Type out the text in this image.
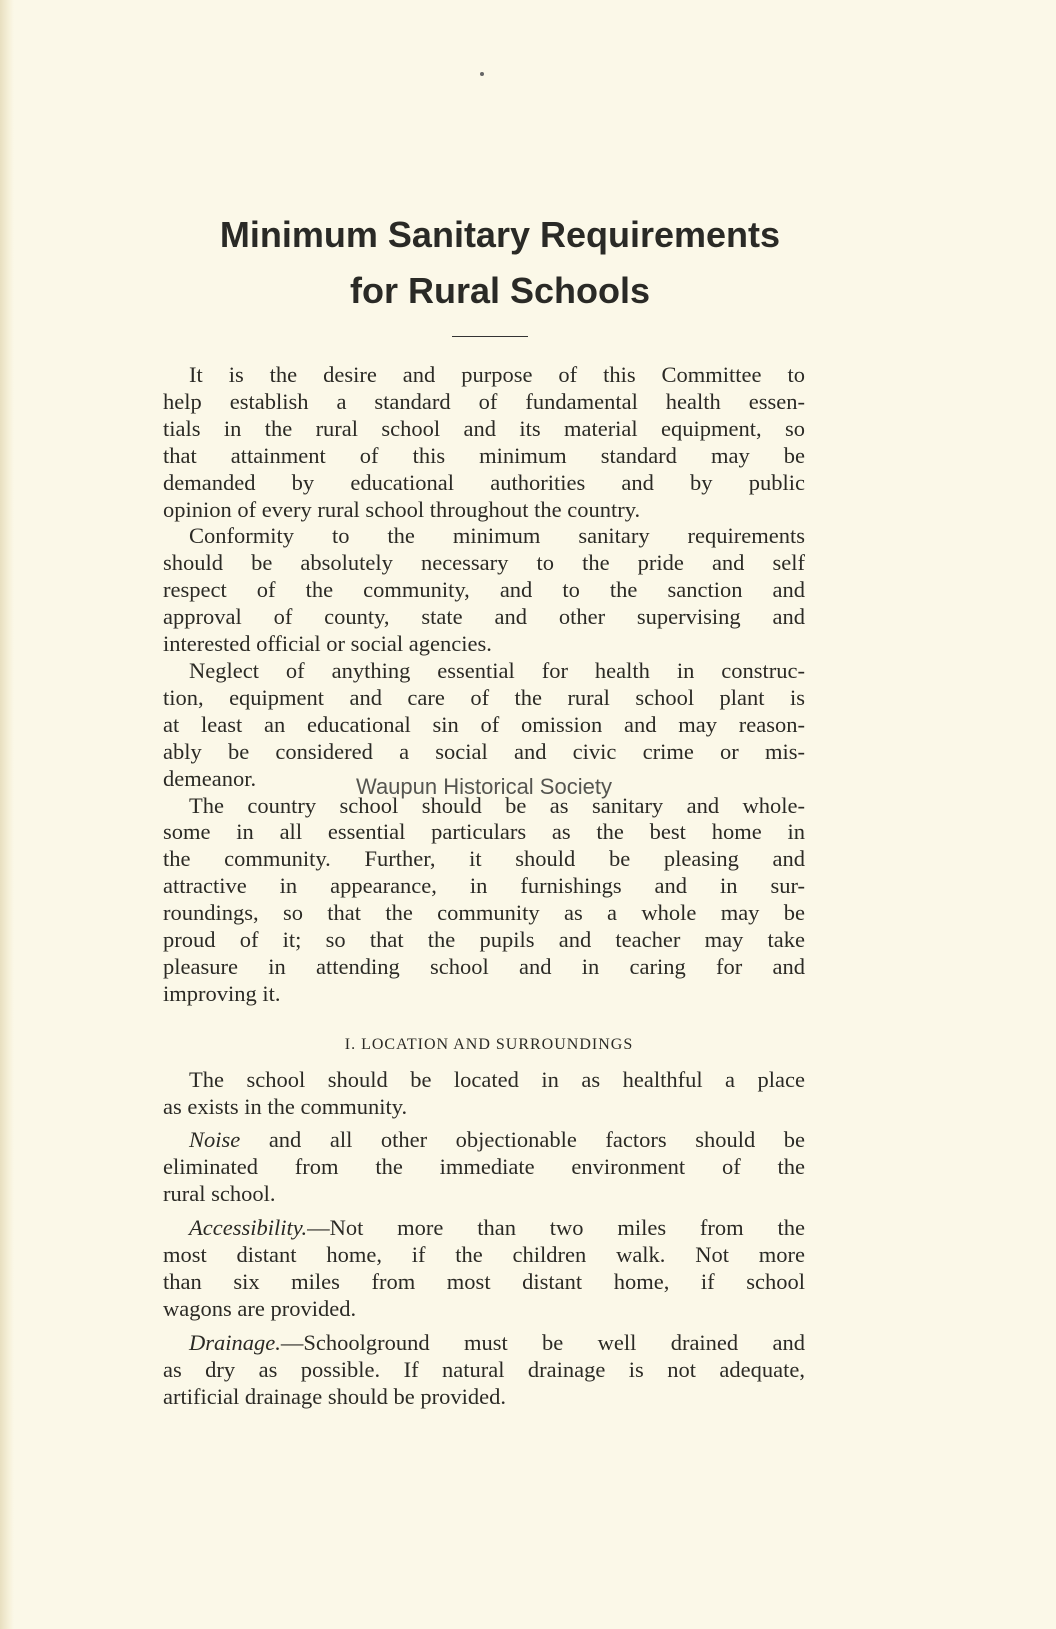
Minimum Sanitary Requirements
for Rural Schools
It is the desire and purpose of this Committee to
help establish a standard of fundamental health essen-
tials in the rural school and its material equipment, so
that attainment of this minimum standard may be
demanded by educational authorities and by public
opinion of every rural school throughout the country.
Conformity to the minimum sanitary requirements
should be absolutely necessary to the pride and self
respect of the community, and to the sanction and
approval of county, state and other supervising and
interested official or social agencies.
Neglect of anything essential for health in construc-
tion, equipment and care of the rural school plant is
at least an educational sin of omission and may reason-
ably be considered a social and civic crime or mis-
demeanor.
The country school should be as sanitary and whole-
some in all essential particulars as the best home in
the community. Further, it should be pleasing and
attractive in appearance, in furnishings and in sur-
roundings, so that the community as a whole may be
proud of it; so that the pupils and teacher may take
pleasure in attending school and in caring for and
improving it.
I. LOCATION AND SURROUNDINGS
The school should be located in as healthful a place
as exists in the community.
Noise and all other objectionable factors should be
eliminated from the immediate environment of the
rural school.
Accessibility.—Not more than two miles from the
most distant home, if the children walk. Not more
than six miles from most distant home, if school
wagons are provided.
Drainage.—Schoolground must be well drained and
as dry as possible. If natural drainage is not adequate,
artificial drainage should be provided.
Waupun Historical Society
